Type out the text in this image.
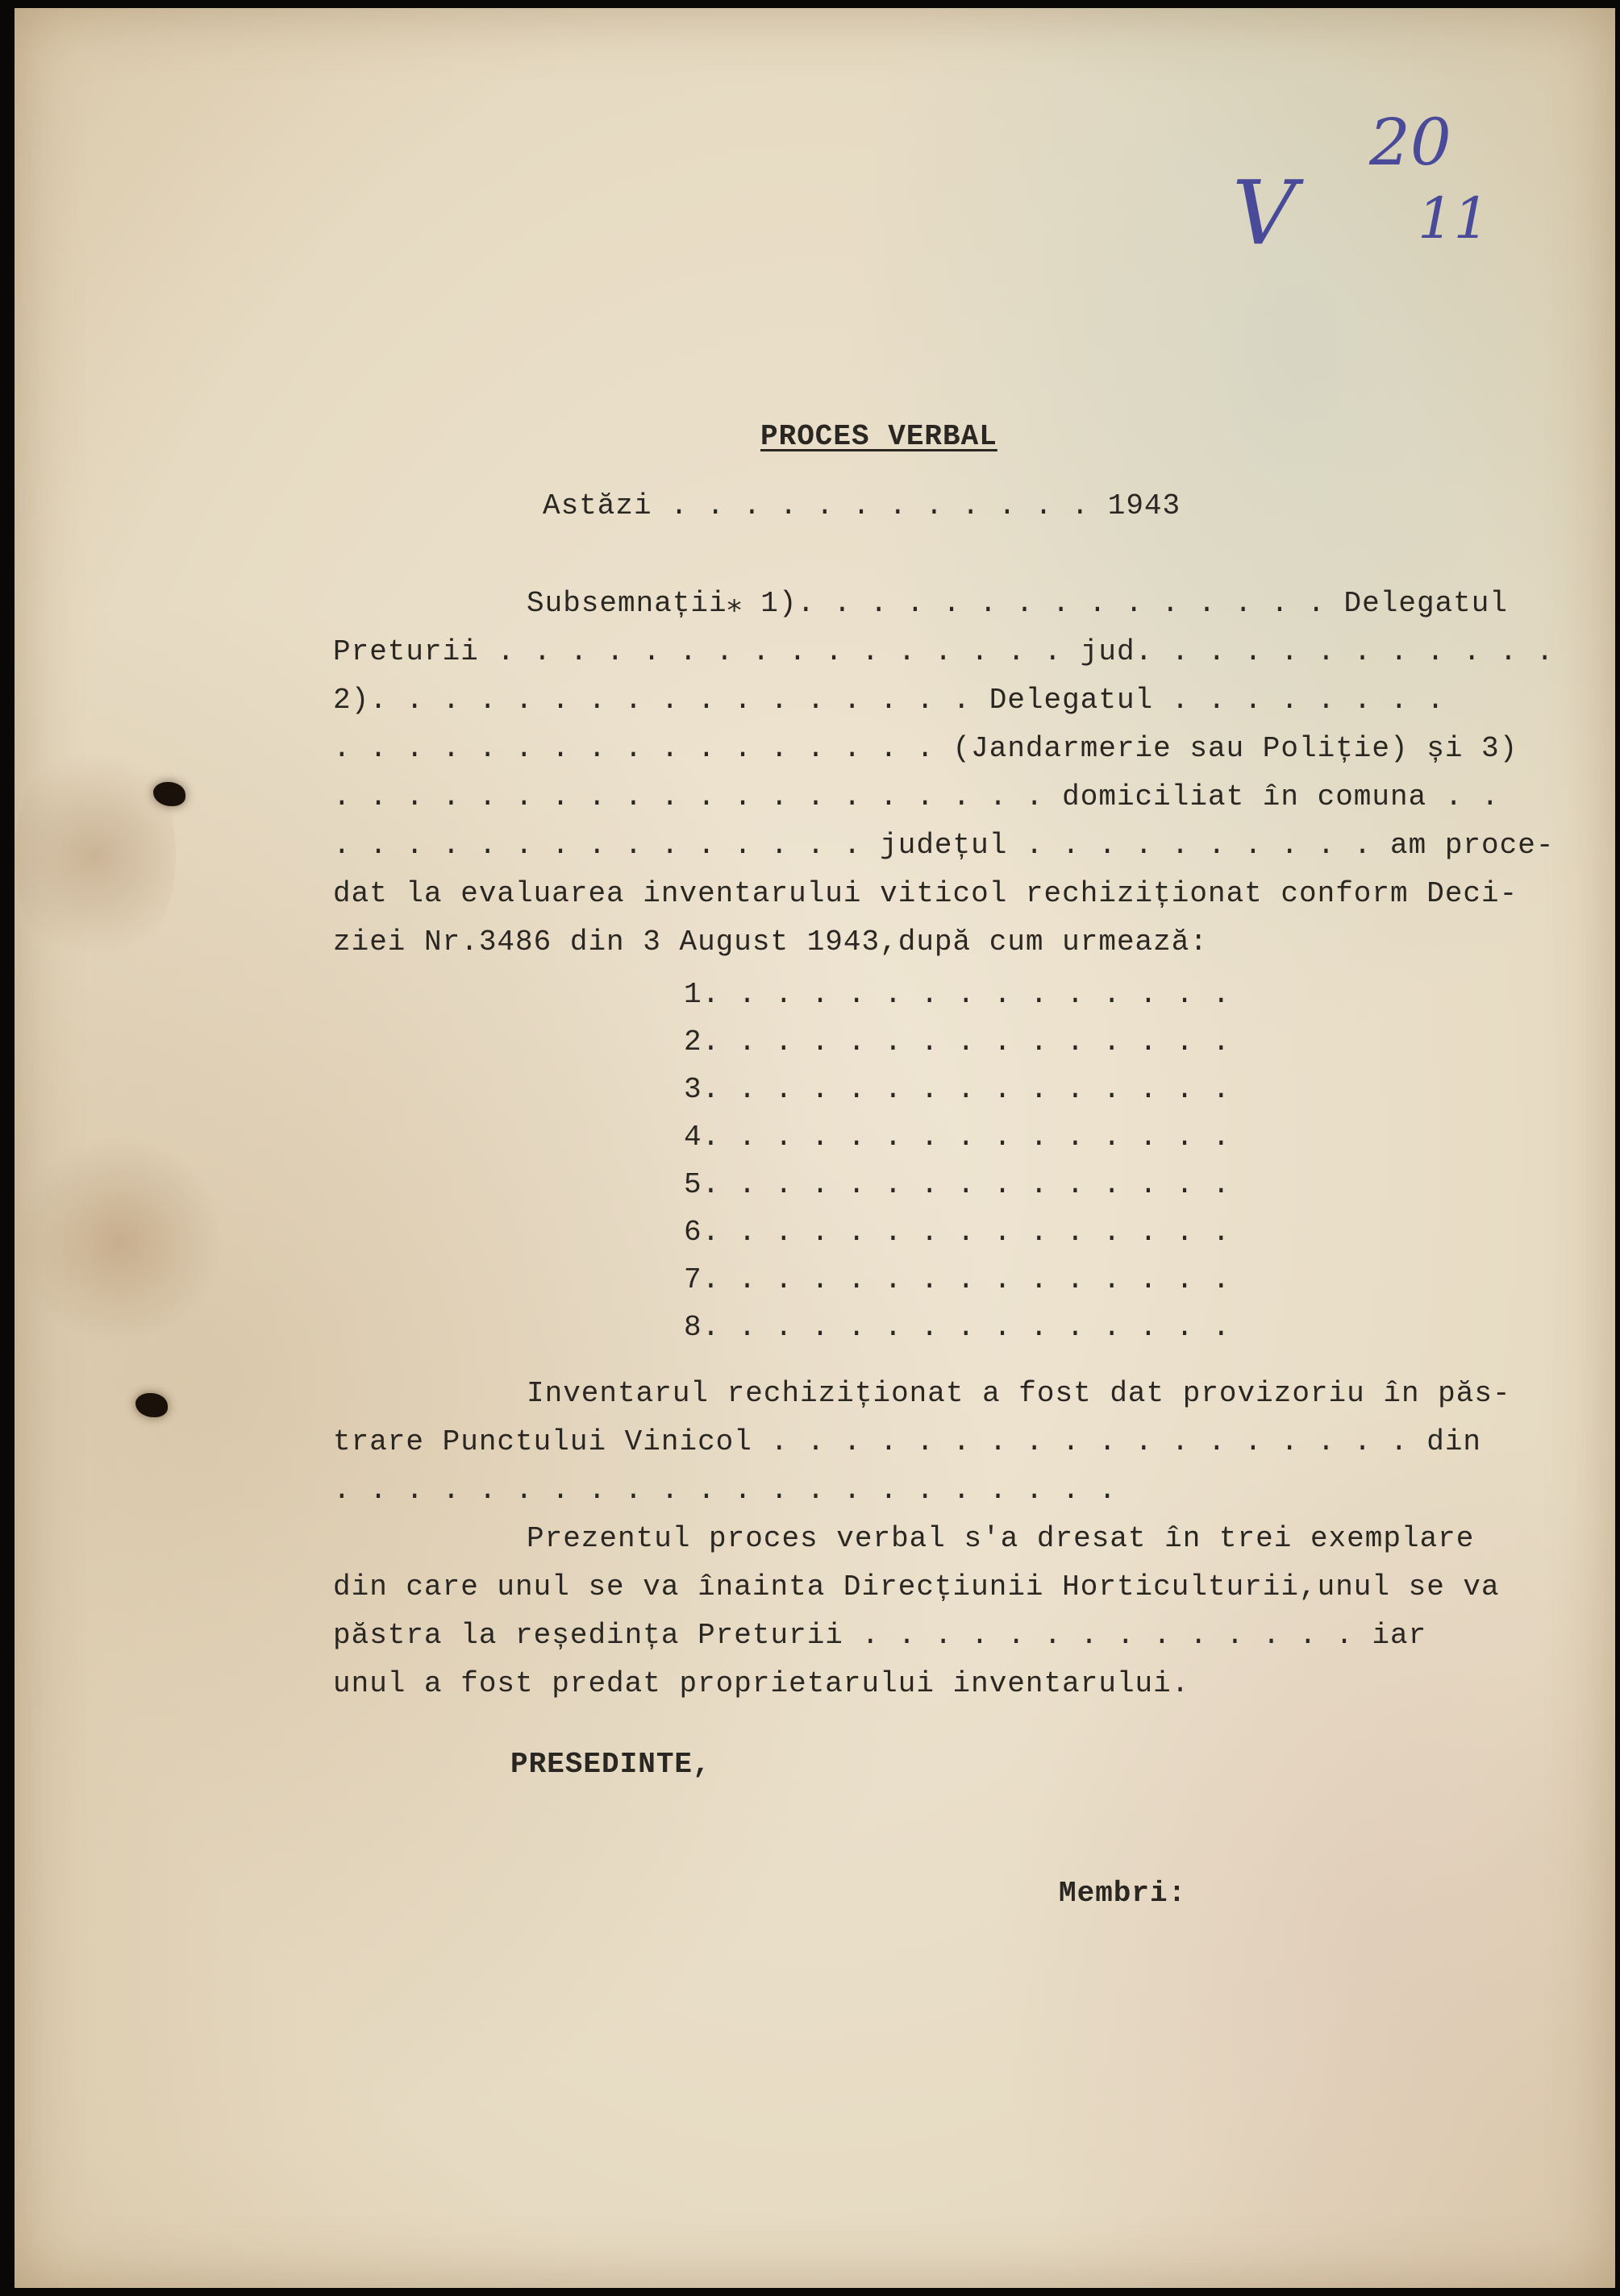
V
20
11
PROCES VERBAL
Astăzi . . . . . . . . . . . . 1943
Subsemnații⁎ 1). . . . . . . . . . . . . . . Delegatul
Preturii . . . . . . . . . . . . . . . . jud. . . . . . . . . . . .
2). . . . . . . . . . . . . . . . . Delegatul . . . . . . . .
. . . . . . . . . . . . . . . . . (Jandarmerie sau Poliție) și 3)
. . . . . . . . . . . . . . . . . . . . domiciliat în comuna . .
. . . . . . . . . . . . . . . județul . . . . . . . . . . am proce-
dat la evaluarea inventarului viticol rechiziționat conform Deci-
ziei Nr.3486 din 3 August 1943,după cum urmează:
1. . . . . . . . . . . . . . .
2. . . . . . . . . . . . . . .
3. . . . . . . . . . . . . . .
4. . . . . . . . . . . . . . .
5. . . . . . . . . . . . . . .
6. . . . . . . . . . . . . . .
7. . . . . . . . . . . . . . .
8. . . . . . . . . . . . . . .
Inventarul rechiziționat a fost dat provizoriu în păs-
trare Punctului Vinicol . . . . . . . . . . . . . . . . . . din
. . . . . . . . . . . . . . . . . . . . . .
Prezentul proces verbal s'a dresat în trei exemplare
din care unul se va înainta Direcțiunii Horticulturii,unul se va
păstra la reședința Preturii . . . . . . . . . . . . . . iar
unul a fost predat proprietarului inventarului.
PRESEDINTE,
Membri:
